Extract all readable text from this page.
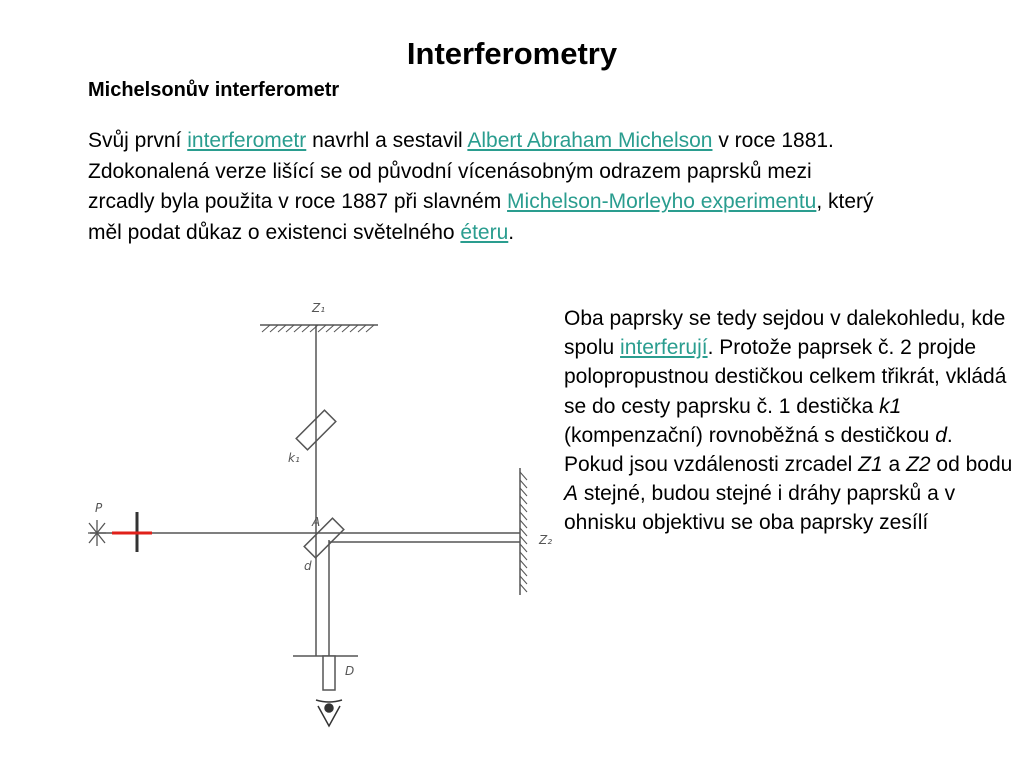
Interferometry
Michelsonův interferometr
Svůj první interferometr navrhl a sestavil Albert Abraham Michelson v roce 1881. Zdokonalená verze lišící se od původní vícenásobným odrazem paprsků mezi zrcadly byla použita v roce 1887 při slavném Michelson-Morleyho experimentu, který měl podat důkaz o existenci světelného éteru.
Z₁
Z₂
k₁
A
d
P
D
Oba paprsky se tedy sejdou v dalekohledu, kde spolu interferují. Protože paprsek č. 2 projde polopropustnou destičkou celkem třikrát, vkládá se do cesty paprsku č. 1 destička k1 (kompenzační) rovnoběžná s destičkou d.
Pokud jsou vzdálenosti zrcadel Z1 a Z2 od bodu A stejné, budou stejné i dráhy paprsků a v ohnisku objektivu se oba paprsky zesílí
